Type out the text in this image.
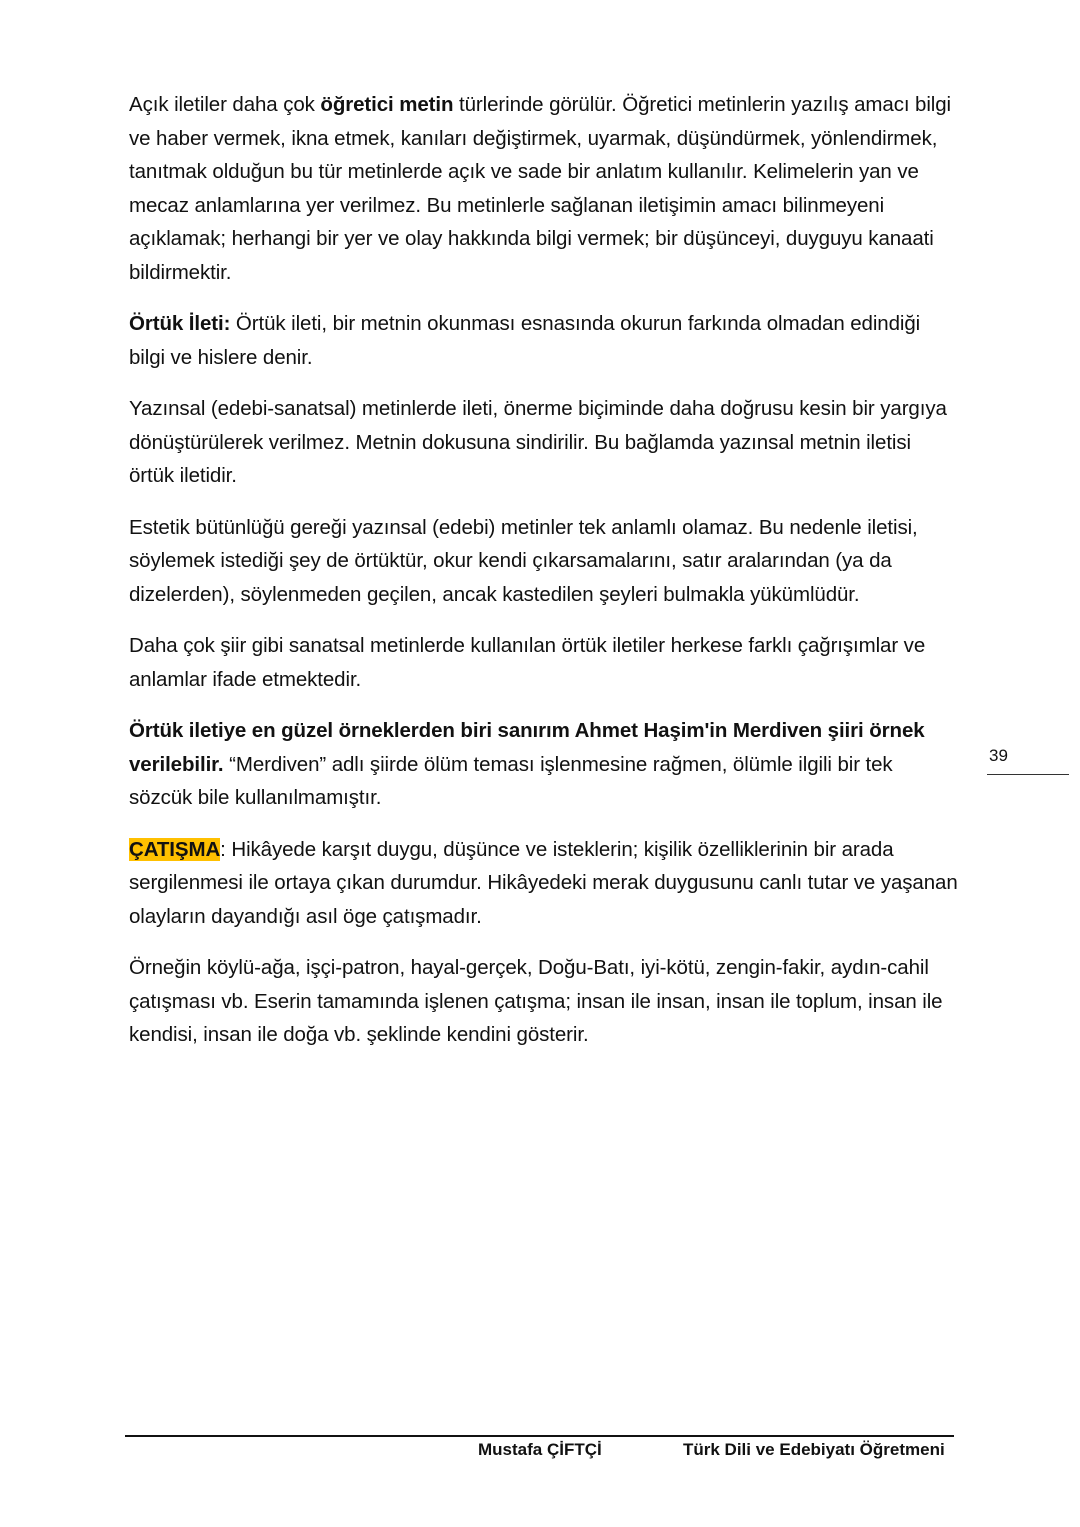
Açık iletiler daha çok öğretici metin türlerinde görülür. Öğretici metinlerin yazılış amacı bilgi ve haber vermek, ikna etmek, kanıları değiştirmek, uyarmak, düşündürmek, yönlendirmek, tanıtmak olduğun bu tür metinlerde açık ve sade bir anlatım kullanılır. Kelimelerin yan ve mecaz anlamlarına yer verilmez. Bu metinlerle sağlanan iletişimin amacı bilinmeyeni açıklamak; herhangi bir yer ve olay hakkında bilgi vermek; bir düşünceyi, duyguyu kanaati bildirmektir.

Örtük İleti: Örtük ileti, bir metnin okunması esnasında okurun farkında olmadan edindiği bilgi ve hislere denir.

Yazınsal (edebi-sanatsal) metinlerde ileti, önerme biçiminde daha doğrusu kesin bir yargıya dönüştürülerek verilmez. Metnin dokusuna sindirilir. Bu bağlamda yazınsal metnin iletisi örtük iletidir.

Estetik bütünlüğü gereği yazınsal (edebi) metinler tek anlamlı olamaz. Bu nedenle iletisi, söylemek istediği şey de örtüktür, okur kendi çıkarsamalarını, satır aralarından (ya da dizelerden), söylenmeden geçilen, ancak kastedilen şeyleri bulmakla yükümlüdür.

Daha çok şiir gibi sanatsal metinlerde kullanılan örtük iletiler herkese farklı çağrışımlar ve anlamlar ifade etmektedir.

Örtük iletiye en güzel örneklerden biri sanırım Ahmet Haşim'in Merdiven şiiri örnek verilebilir. “Merdiven” adlı şiirde ölüm teması işlenmesine rağmen, ölümle ilgili bir tek sözcük bile kullanılmamıştır.

ÇATIŞMA: Hikâyede karşıt duygu, düşünce ve isteklerin; kişilik özelliklerinin bir arada sergilenmesi ile ortaya çıkan durumdur. Hikâyedeki merak duygusunu canlı tutar ve yaşanan olayların dayandığı asıl öge çatışmadır.

Örneğin köylü-ağa, işçi-patron, hayal-gerçek, Doğu-Batı, iyi-kötü, zengin-fakir, aydın-cahil çatışması vb. Eserin tamamında işlenen çatışma; insan ile insan, insan ile toplum, insan ile kendisi, insan ile doğa vb. şeklinde kendini gösterir.

39
Mustafa ÇİFTÇİ	Türk Dili ve Edebiyatı Öğretmeni
